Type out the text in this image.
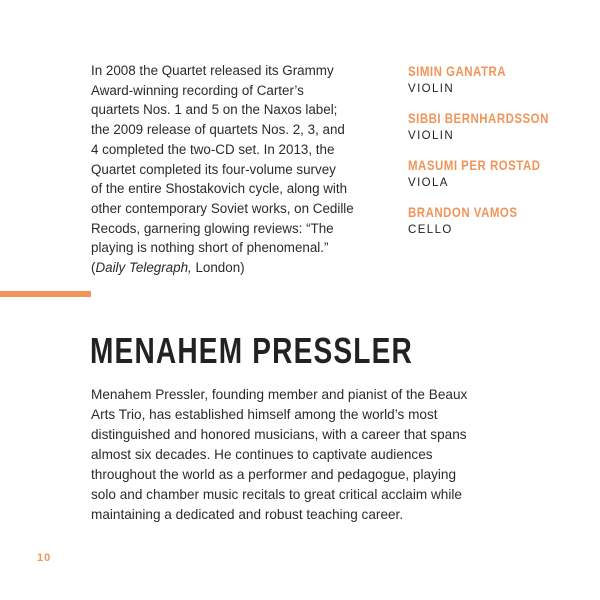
In 2008 the Quartet released its Grammy
Award-winning recording of Carter’s
quartets Nos. 1 and 5 on the Naxos label;
the 2009 release of quartets Nos. 2, 3, and
4 completed the two-CD set. In 2013, the
Quartet completed its four-volume survey
of the entire Shostakovich cycle, along with
other contemporary Soviet works, on Cedille
Recods, garnering glowing reviews: “The
playing is nothing short of phenomenal.”
(Daily Telegraph, London)
SIMIN GANATRA
VIOLIN
SIBBI BERNHARDSSON
VIOLIN
MASUMI PER ROSTAD
VIOLA
BRANDON VAMOS
CELLO
MENAHEM PRESSLER
Menahem Pressler, founding member and pianist of the Beaux
Arts Trio, has established himself among the world’s most
distinguished and honored musicians, with a career that spans
almost six decades. He continues to captivate audiences
throughout the world as a performer and pedagogue, playing
solo and chamber music recitals to great critical acclaim while
maintaining a dedicated and robust teaching career.
10
